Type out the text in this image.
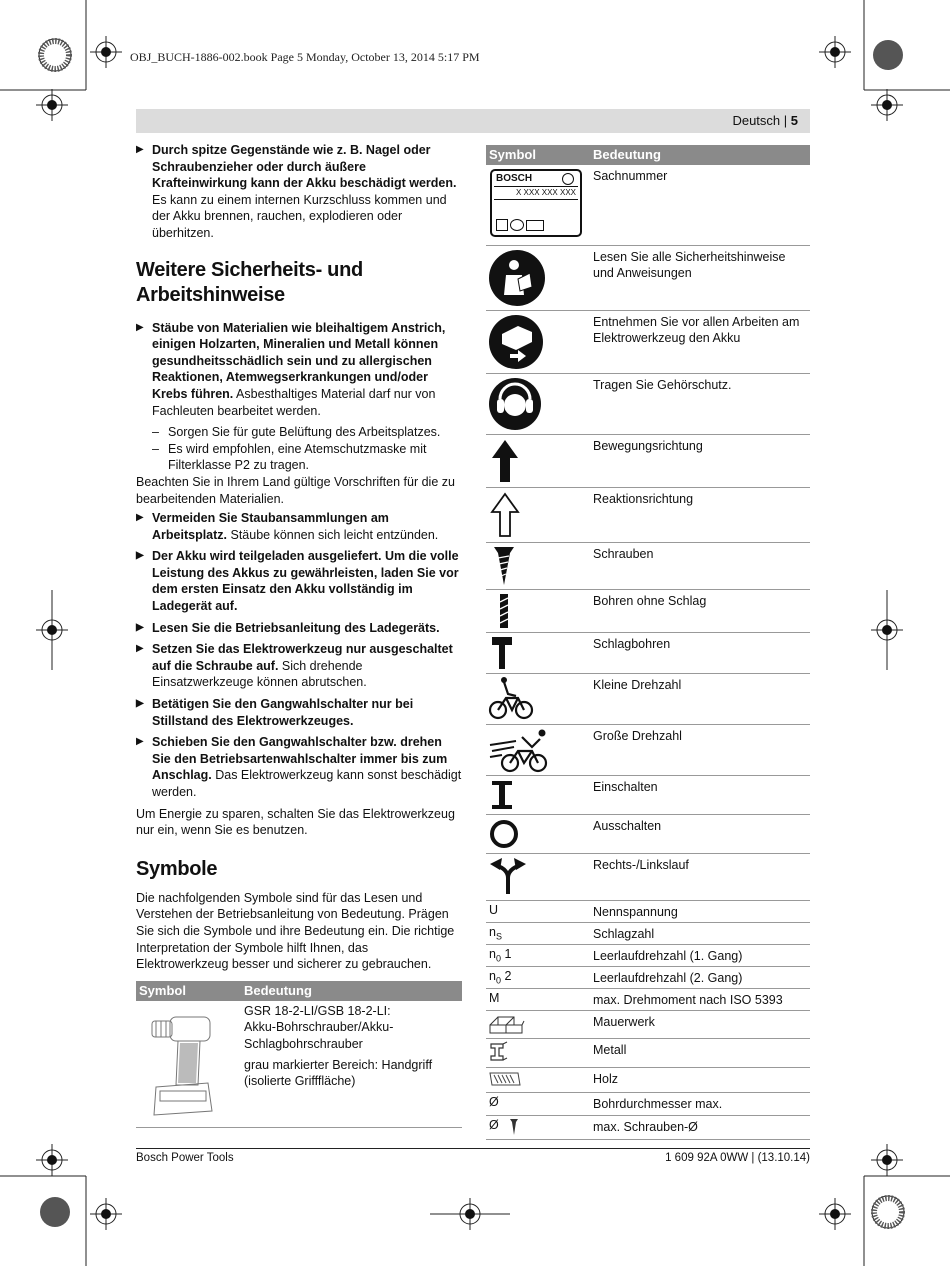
OBJ_BUCH-1886-002.book Page 5 Monday, October 13, 2014 5:17 PM
Deutsch | 5

▶ Durch spitze Gegenstände wie z. B. Nagel oder Schraubenzieher oder durch äußere Krafteinwirkung kann der Akku beschädigt werden. Es kann zu einem internen Kurzschluss kommen und der Akku brennen, rauchen, explodieren oder überhitzen.

Weitere Sicherheits- und Arbeitshinweise

▶ Stäube von Materialien wie bleihaltigem Anstrich, einigen Holzarten, Mineralien und Metall können gesundheitsschädlich sein und zu allergischen Reaktionen, Atemwegserkrankungen und/oder Krebs führen. Asbesthaltiges Material darf nur von Fachleuten bearbeitet werden.

– Sorgen Sie für gute Belüftung des Arbeitsplatzes.

– Es wird empfohlen, eine Atemschutzmaske mit Filterklasse P2 zu tragen.

Beachten Sie in Ihrem Land gültige Vorschriften für die zu bearbeitenden Materialien.

▶ Vermeiden Sie Staubansammlungen am Arbeitsplatz. Stäube können sich leicht entzünden.

▶ Der Akku wird teilgeladen ausgeliefert. Um die volle Leistung des Akkus zu gewährleisten, laden Sie vor dem ersten Einsatz den Akku vollständig im Ladegerät auf.

▶ Lesen Sie die Betriebsanleitung des Ladegeräts.

▶ Setzen Sie das Elektrowerkzeug nur ausgeschaltet auf die Schraube auf. Sich drehende Einsatzwerkzeuge können abrutschen.

▶ Betätigen Sie den Gangwahlschalter nur bei Stillstand des Elektrowerkzeuges.

▶ Schieben Sie den Gangwahlschalter bzw. drehen Sie den Betriebsartenwahlschalter immer bis zum Anschlag. Das Elektrowerkzeug kann sonst beschädigt werden.

Um Energie zu sparen, schalten Sie das Elektrowerkzeug nur ein, wenn Sie es benutzen.

Symbole

Die nachfolgenden Symbole sind für das Lesen und Verstehen der Betriebsanleitung von Bedeutung. Prägen Sie sich die Symbole und ihre Bedeutung ein. Die richtige Interpretation der Symbole hilft Ihnen, das Elektrowerkzeug besser und sicherer zu gebrauchen.

Symbol	Bedeutung
GSR 18-2-LI/GSB 18-2-LI:
Akku-Bohrschrauber/Akku-Schlagbohrschrauber
grau markierter Bereich: Handgriff (isolierte Grifffläche)
Symbol	Bedeutung
BOSCH
X XXX XXX XXX
Sachnummer
Lesen Sie alle Sicherheitshinweise und Anweisungen
Entnehmen Sie vor allen Arbeiten am Elektrowerkzeug den Akku
Tragen Sie Gehörschutz.
Bewegungsrichtung
Reaktionsrichtung
Schrauben
Bohren ohne Schlag
Schlagbohren
Kleine Drehzahl
Große Drehzahl
Einschalten
Ausschalten
Rechts-/Linkslauf
U	Nennspannung
$n_S$	Schlagzahl
$n_0$ 1	Leerlaufdrehzahl (1. Gang)
$n_0$ 2	Leerlaufdrehzahl (2. Gang)
M	max. Drehmoment nach ISO 5393
Mauerwerk
Metall
Holz
Ø	Bohrdurchmesser max.
Ø	max. Schrauben-Ø
Bosch Power Tools	1 609 92A 0WW | (13.10.14)
